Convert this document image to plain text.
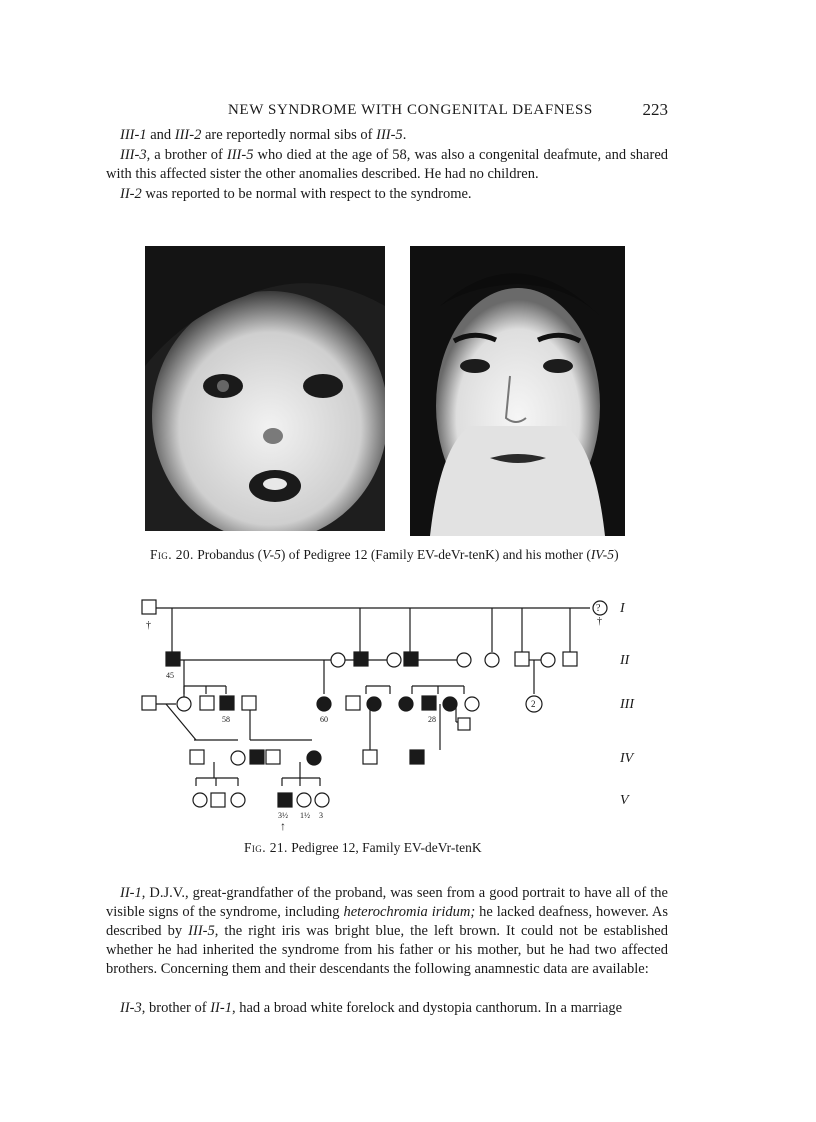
NEW SYNDROME WITH CONGENITAL DEAFNESS	223

III-1 and III-2 are reportedly normal sibs of III-5.

III-3, a brother of III-5 who died at the age of 58, was also a congenital deafmute, and shared with this affected sister the other anomalies described. He had no children.

II-2 was reported to be normal with respect to the syndrome.

Fig. 20. Probandus (V-5) of Pedigree 12 (Family EV-deVr-tenK) and his mother (IV-5)
I
II
III
IV
V
?
2
†	†
45
58	60	28
3½ 1½ 3
↑
Fig. 21. Pedigree 12, Family EV-deVr-tenK

II-1, D.J.V., great-grandfather of the proband, was seen from a good portrait to have all of the visible signs of the syndrome, including heterochromia iridum; he lacked deafness, however. As described by III-5, the right iris was bright blue, the left brown. It could not be established whether he had inherited the syndrome from his father or his mother, but he had two affected brothers. Concerning them and their descendants the following anamnestic data are available:

II-3, brother of II-1, had a broad white forelock and dystopia canthorum. In a marriage
